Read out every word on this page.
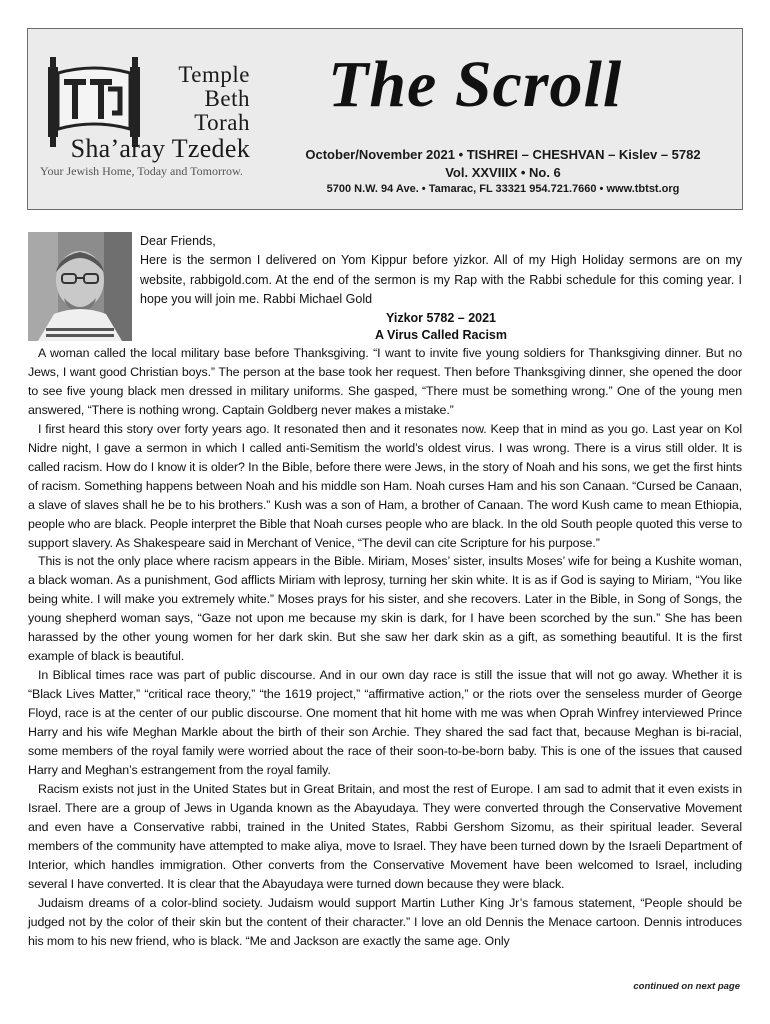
Temple
Beth
Torah
Sha’aray Tzedek
Your Jewish Home, Today and Tomorrow.
The Scroll
October/November 2021 • TISHREI – CHESHVAN – Kislev – 5782
Vol. XXVIIIX • No. 6
5700 N.W. 94 Ave. • Tamarac, FL 33321 954.721.7660 • www.tbtst.org

Dear Friends,

Here is the sermon I delivered on Yom Kippur before yizkor. All of my High Holiday sermons are on my website, rabbigold.com. At the end of the sermon is my Rap with the Rabbi schedule for this coming year. I hope you will join me. Rabbi Michael Gold

Yizkor 5782 – 2021
A Virus Called Racism

A woman called the local military base before Thanksgiving. “I want to invite five young soldiers for Thanksgiving dinner. But no Jews, I want good Christian boys.” The person at the base took her request. Then before Thanksgiving dinner, she opened the door to see five young black men dressed in military uniforms. She gasped, “There must be something wrong.” One of the young men answered, “There is nothing wrong. Captain Goldberg never makes a mistake.”

I first heard this story over forty years ago. It resonated then and it resonates now. Keep that in mind as you go. Last year on Kol Nidre night, I gave a sermon in which I called anti-Semitism the world’s oldest virus. I was wrong. There is a virus still older. It is called racism. How do I know it is older? In the Bible, before there were Jews, in the story of Noah and his sons, we get the first hints of racism. Something happens between Noah and his middle son Ham. Noah curses Ham and his son Canaan. “Cursed be Canaan, a slave of slaves shall he be to his brothers.” Kush was a son of Ham, a brother of Canaan. The word Kush came to mean Ethiopia, people who are black. People interpret the Bible that Noah curses people who are black. In the old South people quoted this verse to support slavery. As Shakespeare said in Merchant of Venice, “The devil can cite Scripture for his purpose.”

This is not the only place where racism appears in the Bible. Miriam, Moses’ sister, insults Moses’ wife for being a Kushite woman, a black woman. As a punishment, God afflicts Miriam with leprosy, turning her skin white. It is as if God is saying to Miriam, “You like being white. I will make you extremely white.” Moses prays for his sister, and she recovers. Later in the Bible, in Song of Songs, the young shepherd woman says, “Gaze not upon me because my skin is dark, for I have been scorched by the sun.” She has been harassed by the other young women for her dark skin. But she saw her dark skin as a gift, as something beautiful. It is the first example of black is beautiful.

In Biblical times race was part of public discourse. And in our own day race is still the issue that will not go away. Whether it is “Black Lives Matter,” “critical race theory,” “the 1619 project,” “affirmative action,” or the riots over the senseless murder of George Floyd, race is at the center of our public discourse. One moment that hit home with me was when Oprah Winfrey interviewed Prince Harry and his wife Meghan Markle about the birth of their son Archie. They shared the sad fact that, because Meghan is bi-racial, some members of the royal family were worried about the race of their soon-to-be-born baby. This is one of the issues that caused Harry and Meghan’s estrangement from the royal family.

Racism exists not just in the United States but in Great Britain, and most the rest of Europe. I am sad to admit that it even exists in Israel. There are a group of Jews in Uganda known as the Abayudaya. They were converted through the Conservative Movement and even have a Conservative rabbi, trained in the United States, Rabbi Gershom Sizomu, as their spiritual leader. Several members of the community have attempted to make aliya, move to Israel. They have been turned down by the Israeli Department of Interior, which handles immigration. Other converts from the Conservative Movement have been welcomed to Israel, including several I have converted. It is clear that the Abayudaya were turned down because they were black.

Judaism dreams of a color-blind society. Judaism would support Martin Luther King Jr’s famous statement, “People should be judged not by the color of their skin but the content of their character.” I love an old Dennis the Menace cartoon. Dennis introduces his mom to his new friend, who is black. “Me and Jackson are exactly the same age. Only

continued on next page
